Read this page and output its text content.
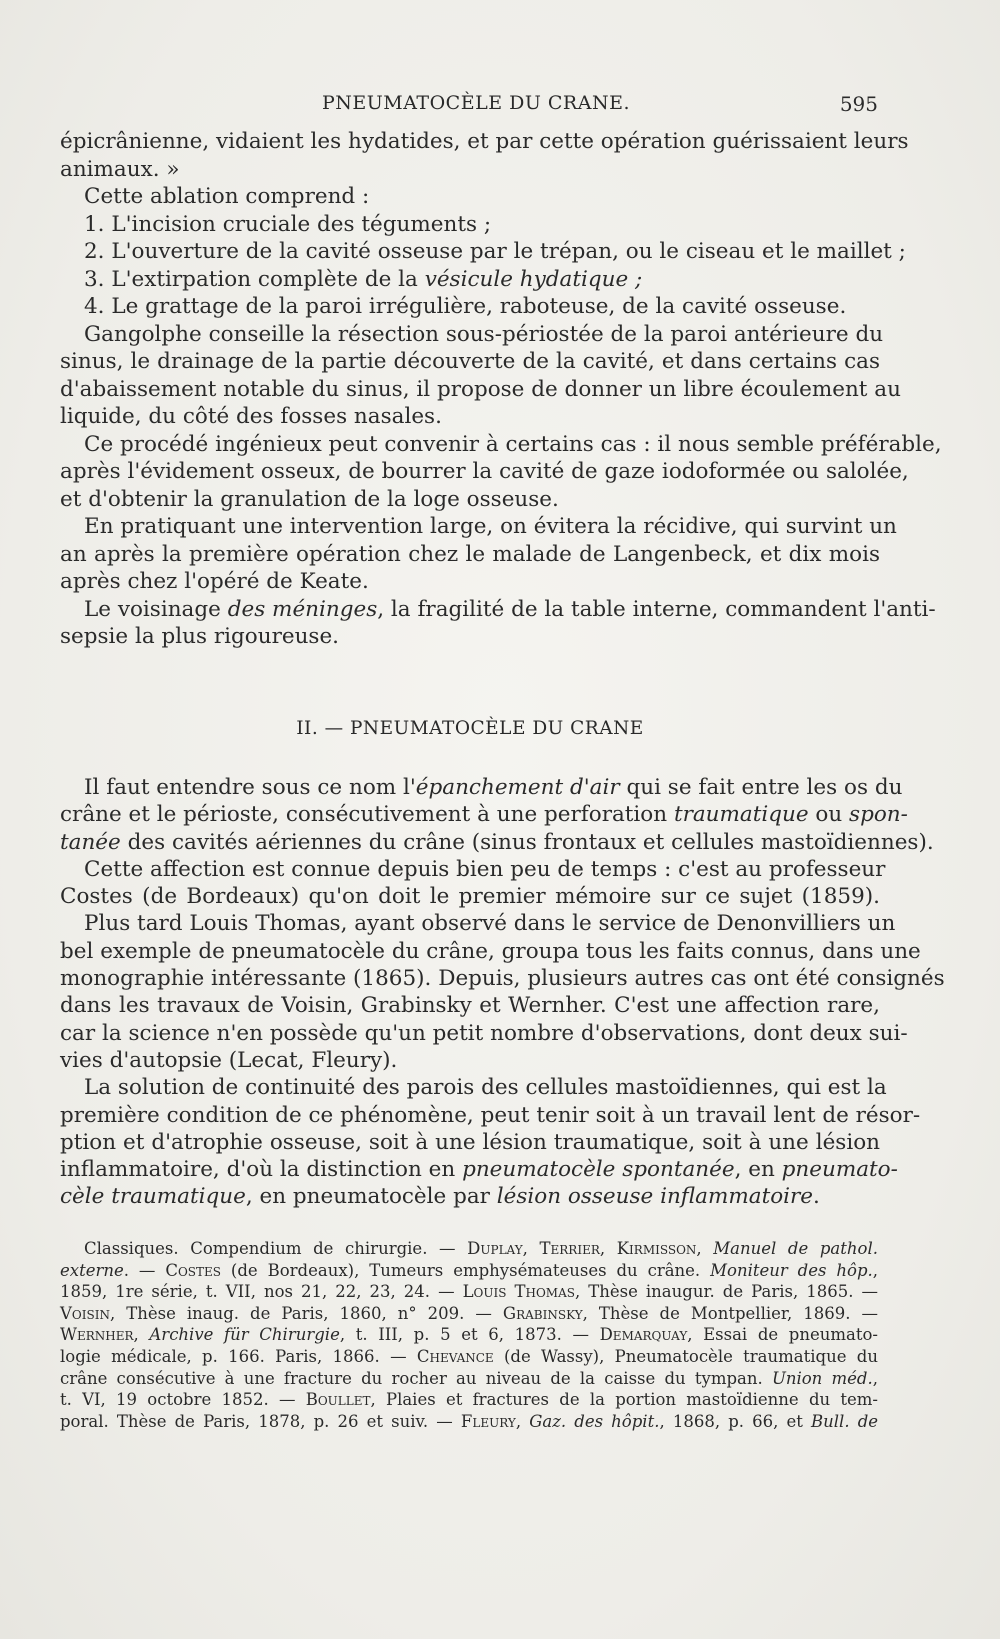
PNEUMATOCÈLE DU CRANE.	595

épicrânienne, vidaient les hydatides, et par cette opération guérissaient leurs

animaux. »

Cette ablation comprend :

1. L'incision cruciale des téguments ;

2. L'ouverture de la cavité osseuse par le trépan, ou le ciseau et le maillet ;

3. L'extirpation complète de la vésicule hydatique ;

4. Le grattage de la paroi irrégulière, raboteuse, de la cavité osseuse.

Gangolphe conseille la résection sous-périostée de la paroi antérieure du

sinus, le drainage de la partie découverte de la cavité, et dans certains cas

d'abaissement notable du sinus, il propose de donner un libre écoulement au

liquide, du côté des fosses nasales.

Ce procédé ingénieux peut convenir à certains cas : il nous semble préférable,

après l'évidement osseux, de bourrer la cavité de gaze iodoformée ou salolée,

et d'obtenir la granulation de la loge osseuse.

En pratiquant une intervention large, on évitera la récidive, qui survint un

an après la première opération chez le malade de Langenbeck, et dix mois

après chez l'opéré de Keate.

Le voisinage des méninges, la fragilité de la table interne, commandent l'anti-

sepsie la plus rigoureuse.

II. — PNEUMATOCÈLE DU CRANE

Il faut entendre sous ce nom l'épanchement d'air qui se fait entre les os du

crâne et le périoste, consécutivement à une perforation traumatique ou spon-

tanée des cavités aériennes du crâne (sinus frontaux et cellules mastoïdiennes).

Cette affection est connue depuis bien peu de temps : c'est au professeur

Costes (de Bordeaux) qu'on doit le premier mémoire sur ce sujet (1859).

Plus tard Louis Thomas, ayant observé dans le service de Denonvilliers un

bel exemple de pneumatocèle du crâne, groupa tous les faits connus, dans une

monographie intéressante (1865). Depuis, plusieurs autres cas ont été consignés

dans les travaux de Voisin, Grabinsky et Wernher. C'est une affection rare,

car la science n'en possède qu'un petit nombre d'observations, dont deux sui-

vies d'autopsie (Lecat, Fleury).

La solution de continuité des parois des cellules mastoïdiennes, qui est la

première condition de ce phénomène, peut tenir soit à un travail lent de résor-

ption et d'atrophie osseuse, soit à une lésion traumatique, soit à une lésion

inflammatoire, d'où la distinction en pneumatocèle spontanée, en pneumato-

cèle traumatique, en pneumatocèle par lésion osseuse inflammatoire.

Classiques. Compendium de chirurgie. — Duplay, Terrier, Kirmisson, Manuel de pathol.

externe. — Costes (de Bordeaux), Tumeurs emphysémateuses du crâne. Moniteur des hôp.,

1859, 1re série, t. VII, nos 21, 22, 23, 24. — Louis Thomas, Thèse inaugur. de Paris, 1865. —

Voisin, Thèse inaug. de Paris, 1860, n° 209. — Grabinsky, Thèse de Montpellier, 1869. —

Wernher, Archive für Chirurgie, t. III, p. 5 et 6, 1873. — Demarquay, Essai de pneumato-

logie médicale, p. 166. Paris, 1866. — Chevance (de Wassy), Pneumatocèle traumatique du

crâne consécutive à une fracture du rocher au niveau de la caisse du tympan. Union méd.,

t. VI, 19 octobre 1852. — Boullet, Plaies et fractures de la portion mastoïdienne du tem-

poral. Thèse de Paris, 1878, p. 26 et suiv. — Fleury, Gaz. des hôpit., 1868, p. 66, et Bull. de
